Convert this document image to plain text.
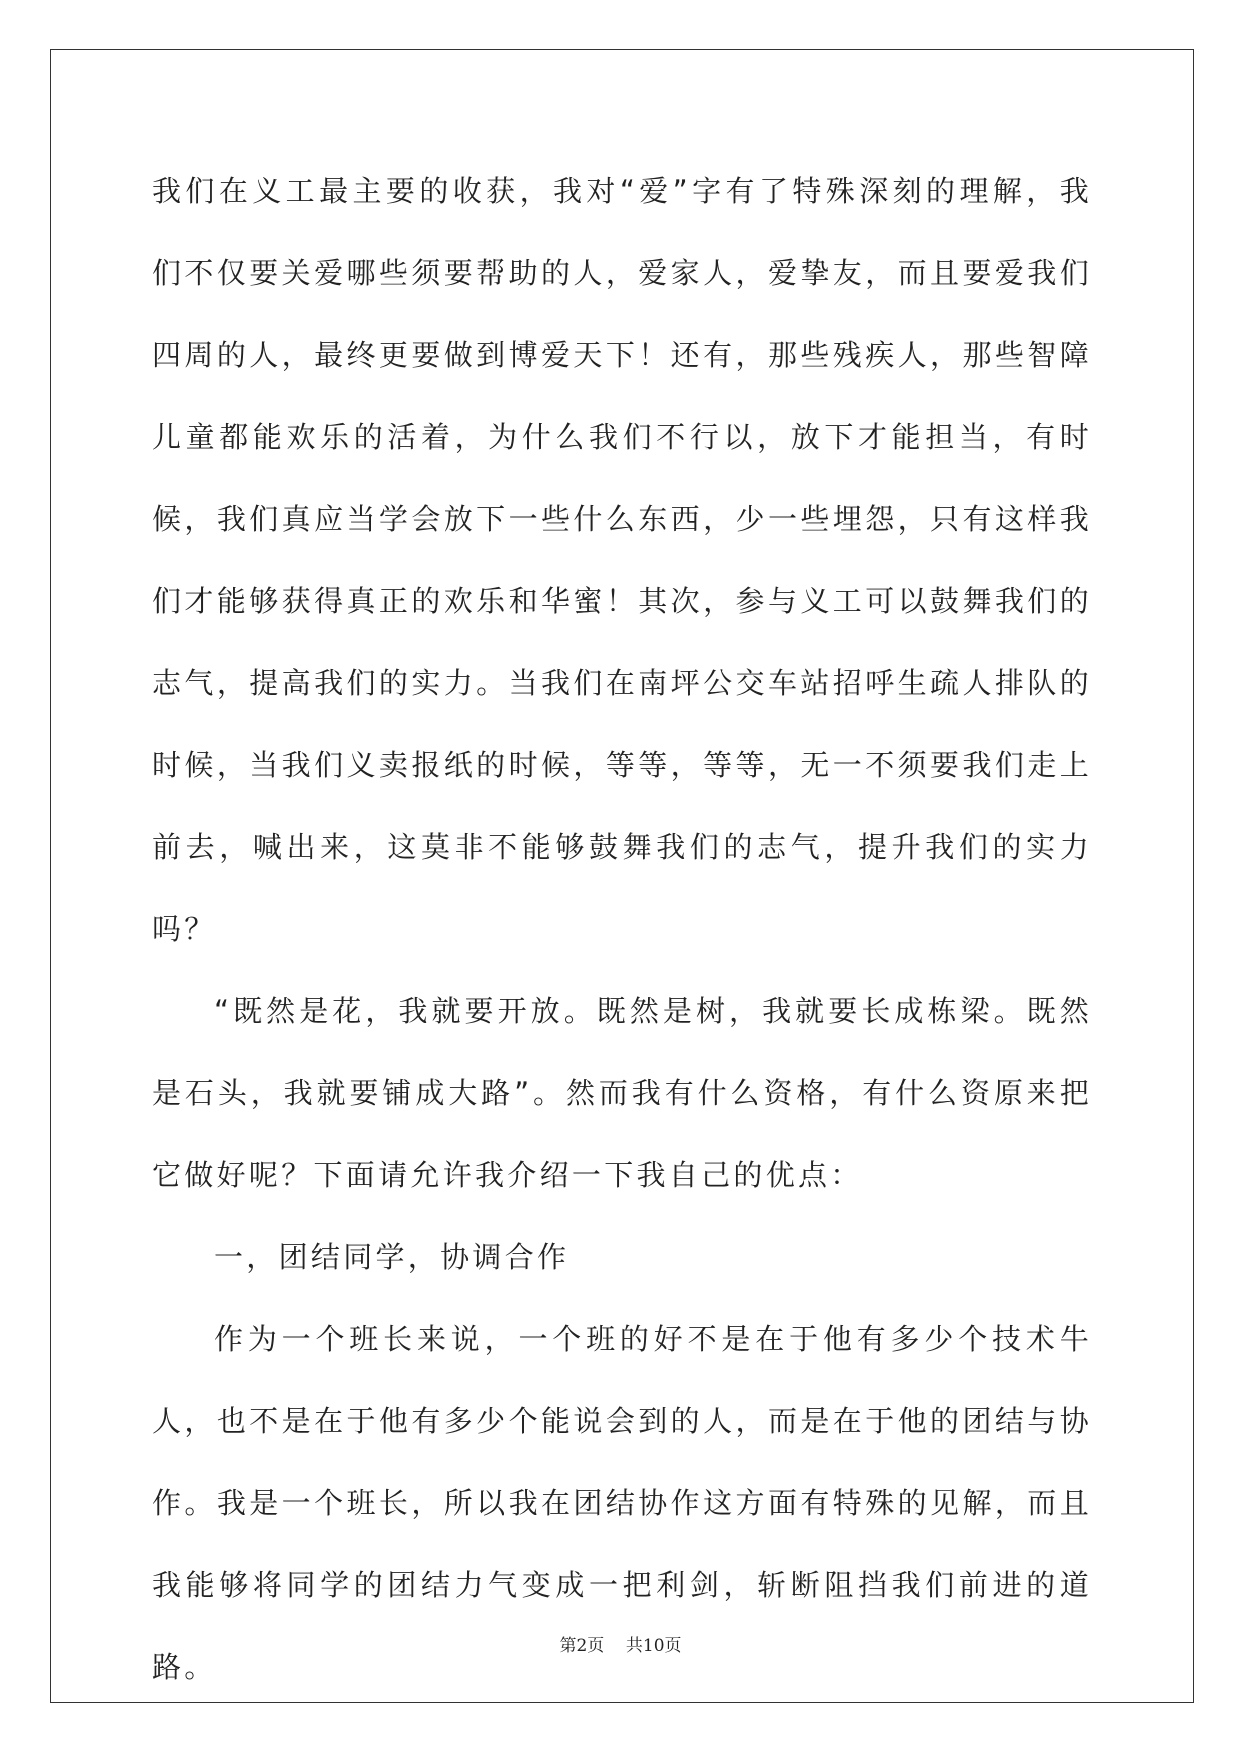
我们在义工最主要的收获，我对“爱”字有了特殊深刻的理解，我们不仅要关爱哪些须要帮助的人，爱家人，爱挚友，而且要爱我们四周的人，最终更要做到博爱天下！还有，那些残疾人，那些智障儿童都能欢乐的活着，为什么我们不行以，放下才能担当，有时候，我们真应当学会放下一些什么东西，少一些埋怨，只有这样我们才能够获得真正的欢乐和华蜜！其次，参与义工可以鼓舞我们的志气，提高我们的实力。当我们在南坪公交车站招呼生疏人排队的时候，当我们义卖报纸的时候，等等，等等，无一不须要我们走上前去，喊出来，这莫非不能够鼓舞我们的志气，提升我们的实力吗？

“既然是花，我就要开放。既然是树，我就要长成栋梁。既然是石头，我就要铺成大路”。然而我有什么资格，有什么资原来把它做好呢？下面请允许我介绍一下我自己的优点：

一，团结同学，协调合作

作为一个班长来说，一个班的好不是在于他有多少个技术牛人，也不是在于他有多少个能说会到的人，而是在于他的团结与协作。我是一个班长，所以我在团结协作这方面有特殊的见解，而且我能够将同学的团结力气变成一把利剑，斩断阻挡我们前进的道路。

第2页 共10页
